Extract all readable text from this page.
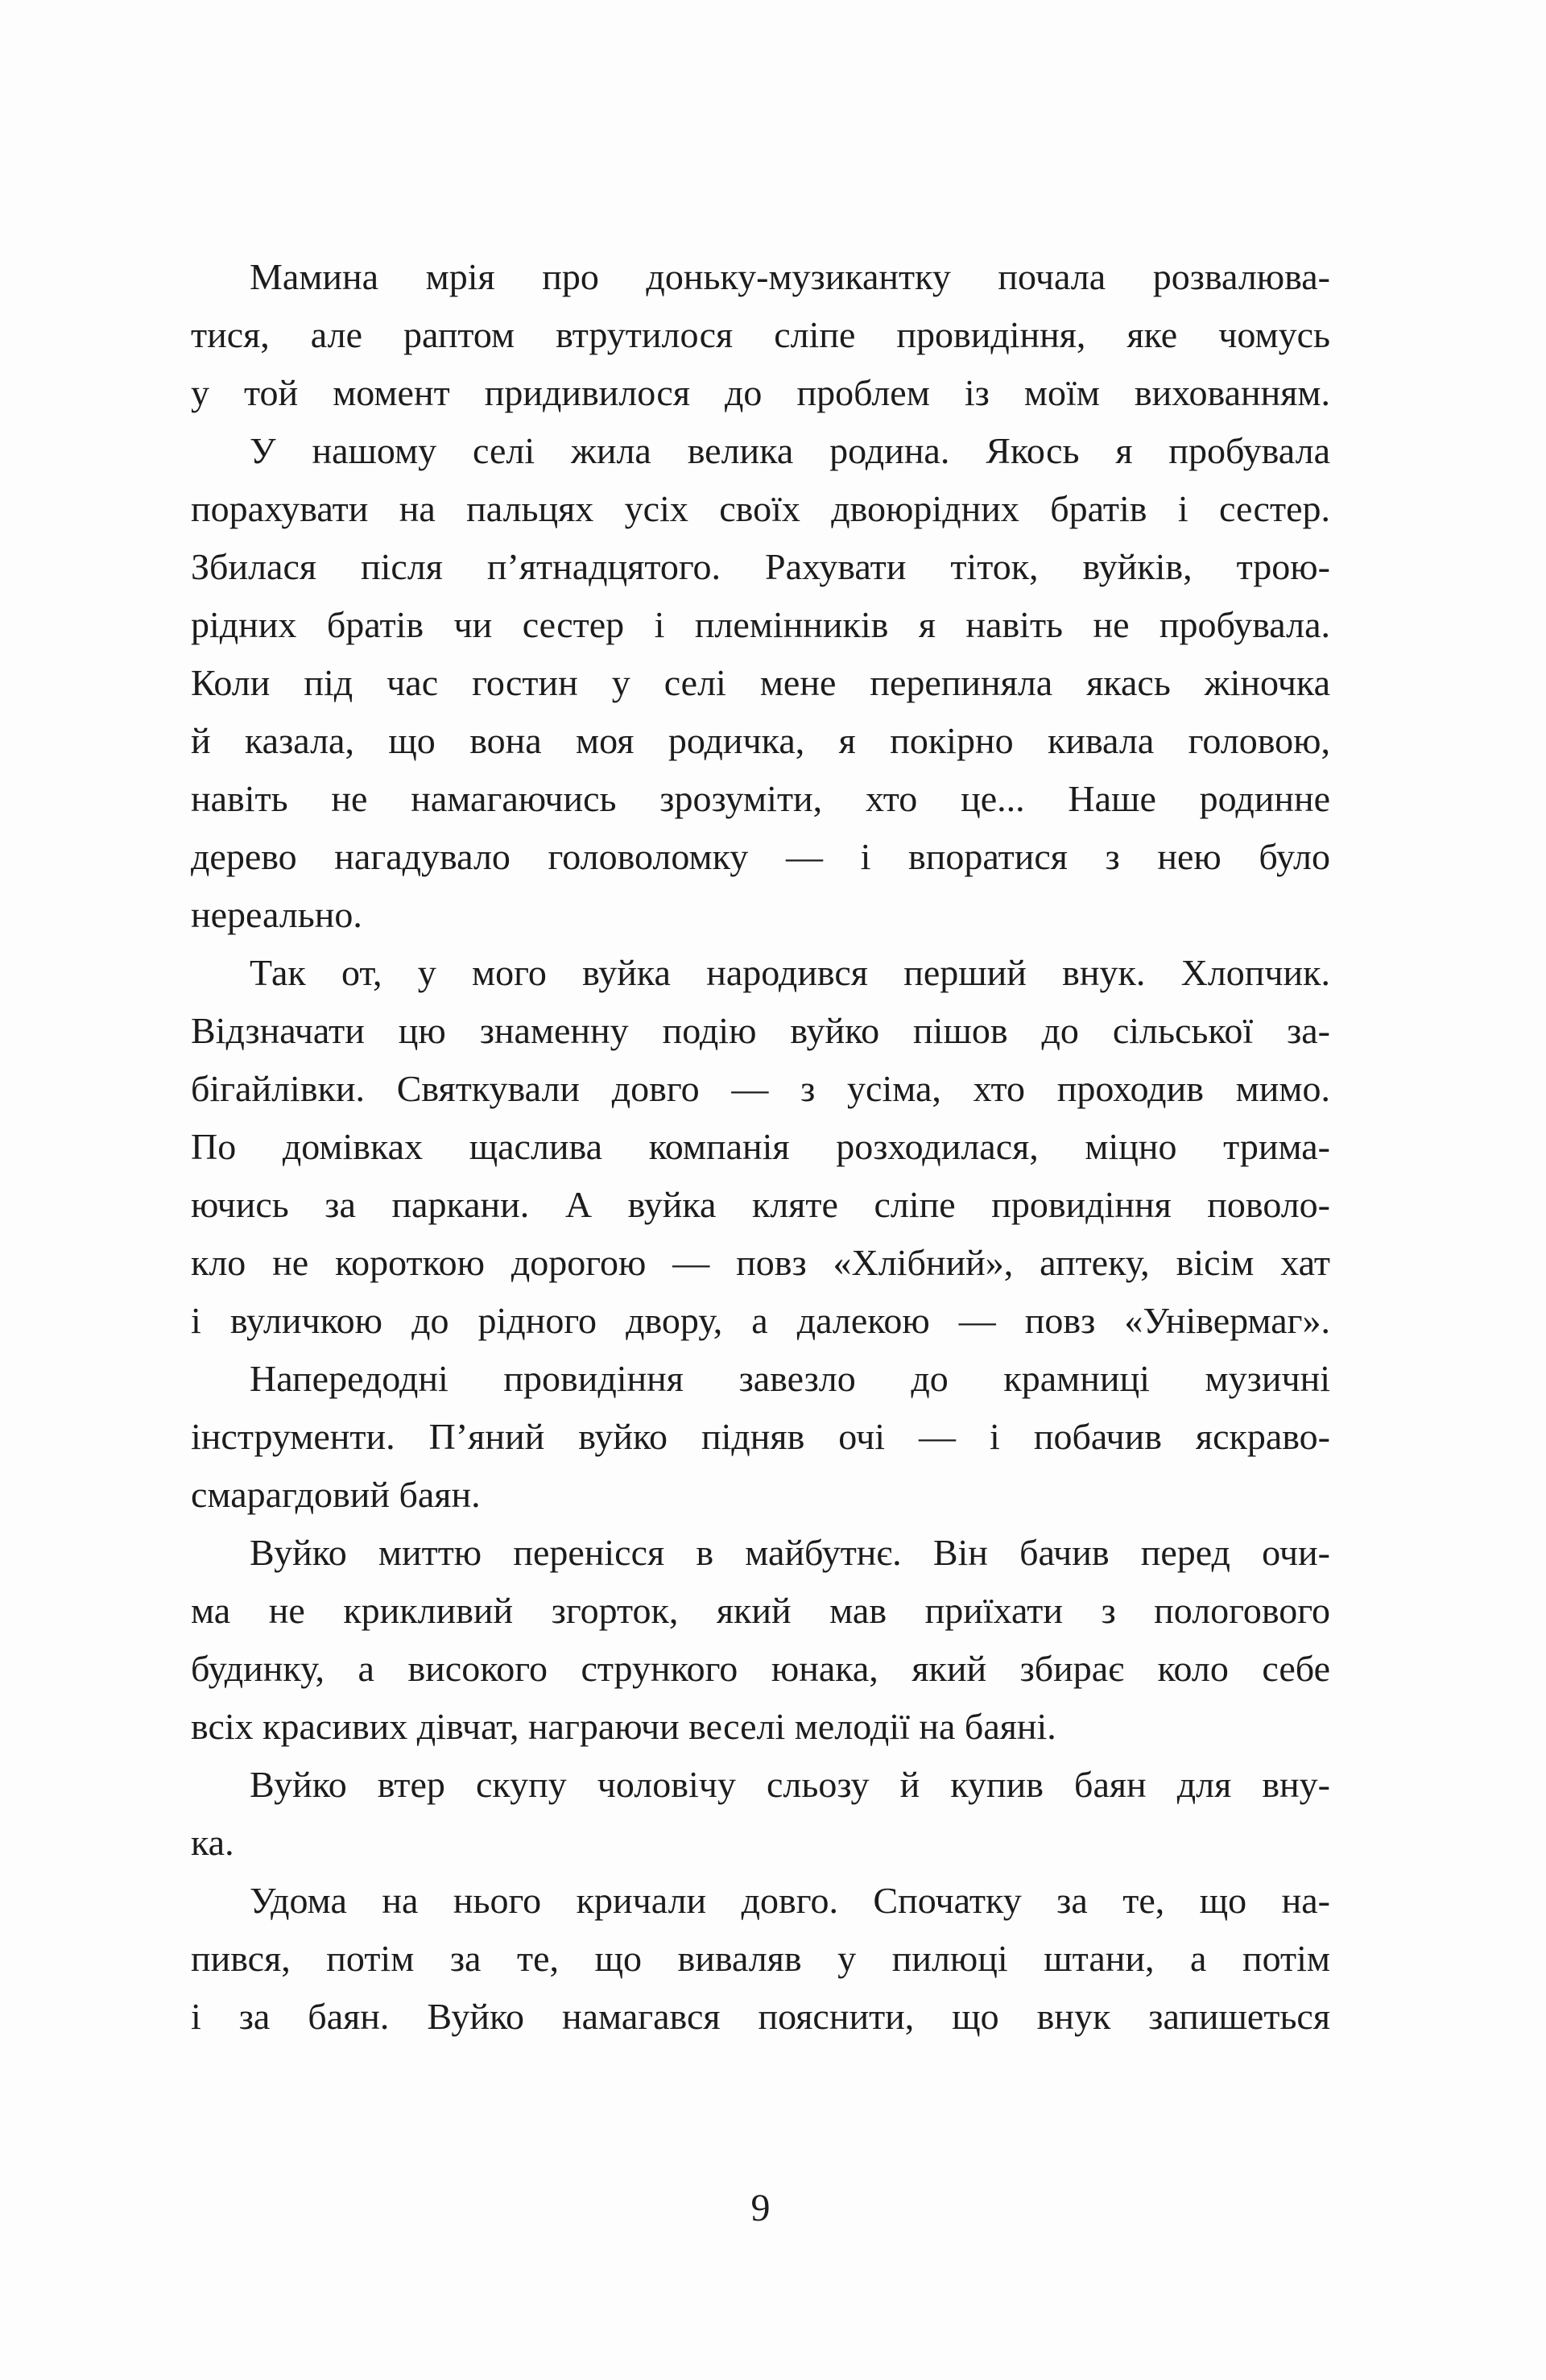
Мамина мрія про доньку-музикантку почала розвалюва-
тися, але раптом втрутилося сліпе провидіння, яке чомусь
у той момент придивилося до проблем із моїм вихованням.

У нашому селі жила велика родина. Якось я пробувала
порахувати на пальцях усіх своїх двоюрідних братів і сестер.
Збилася після п’ятнадцятого. Рахувати тіток, вуйків, трою-
рідних братів чи сестер і племінників я навіть не пробувала.
Коли під час гостин у селі мене перепиняла якась жіночка
й казала, що вона моя родичка, я покірно кивала головою,
навіть не намагаючись зрозуміти, хто це... Наше родинне
дерево нагадувало головоломку — і впоратися з нею було
нереально.

Так от, у мого вуйка народився перший внук. Хлопчик.
Відзначати цю знаменну подію вуйко пішов до сільської за-
бігайлівки. Святкували довго — з усіма, хто проходив мимо.
По домівках щаслива компанія розходилася, міцно трима-
ючись за паркани. А вуйка кляте сліпе провидіння поволо-
кло не короткою дорогою — повз «Хлібний», аптеку, вісім хат
і вуличкою до рідного двору, а далекою — повз «Універмаг».

Напередодні провидіння завезло до крамниці музичні
інструменти. П’яний вуйко підняв очі — і побачив яскраво-
смарагдовий баян.

Вуйко миттю перенісся в майбутнє. Він бачив перед очи-
ма не крикливий згорток, який мав приїхати з пологового
будинку, а високого стрункого юнака, який збирає коло себе
всіх красивих дівчат, награючи веселі мелодії на баяні.

Вуйко втер скупу чоловічу сльозу й купив баян для вну-
ка.

Удома на нього кричали довго. Спочатку за те, що на-
пився, потім за те, що виваляв у пилюці штани, а потім
і за баян. Вуйко намагався пояснити, що внук запишеться

9
